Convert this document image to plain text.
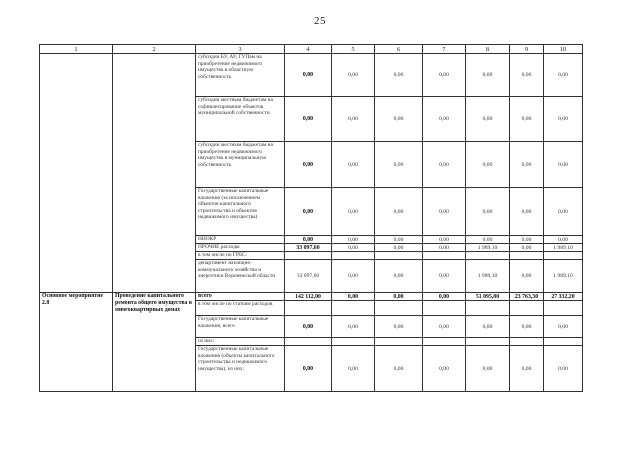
25
1	2	3	4	5	6	7	8	9	10
		субсидии БУ, АУ, ГУПам на приобретение недвижимого имущества в областную собственность	0,00	0,00	0,00	0,00	0,00	0,00	0,00
		субсидии местным бюджетам на софинансирование объектов муниципальной собственности	0,00	0,00	0,00	0,00	0,00	0,00	0,00
		субсидии местным бюджетам на приобретение недвижимого имущества в муниципальную собственность	0,00	0,00	0,00	0,00	0,00	0,00	0,00
		Государственные капитальные вложения (за исключением объектов капитального строительства и объектов недвижимого имущества)	0,00	0,00	0,00	0,00	0,00	0,00	0,00
		НИОКР	0,00	0,00	0,00	0,00	0,00	0,00	0,00
		ПРОЧИЕ расходы	33 097,60	0,00	0,00	0,00	1 989,10	0,00	1 989,10
		в том числе по ГРБС:							
		департамент жилищно-коммунального хозяйства и энергетики Воронежской области	33 097,60	0,00	0,00	0,00	1 989,10	0,00	1 989,10
Основное мероприятие 2.8	Проведение капитального ремонта общего имущества в многоквартирных домах	всего	142 112,00	0,00	0,00	0,00	51 095,80	23 763,30	27 332,20
		в том числе по статьям расходов							
		Государственные капитальные вложения, всего	0,00	0,00	0,00	0,00	0,00	0,00	0,00
		из них:							
		Государственные капитальные вложения (объекты капитального строительства и недвижимого имущества), из них:	0,00	0,00	0,00	0,00	0,00	0,00	0,00
